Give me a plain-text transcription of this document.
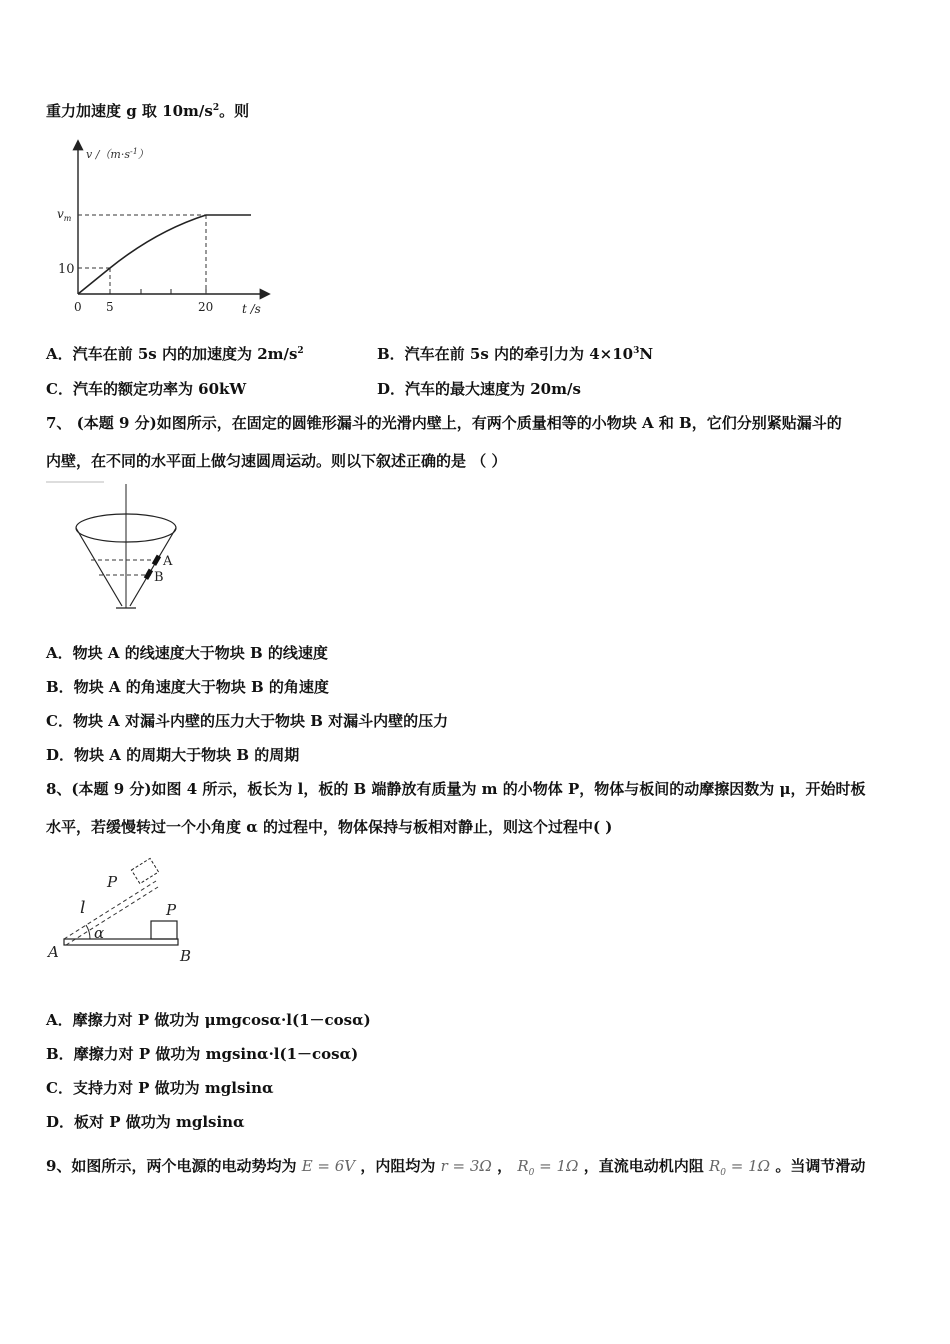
重力加速度 g 取 $10m/s^2$。则
v $/(m\cdot s^{-1})$
$v_m$
10
0 5	20 t /s
A．汽车在前 5s 内的加速度为 $2m/s^2$	B．汽车在前 5s 内的牵引力为 $4\times 10^3N$
C．汽车的额定功率为 60kW	D．汽车的最大速度为 20m/s
7、 (本题 9 分)如图所示，在固定的圆锥形漏斗的光滑内壁上，有两个质量相等的小物块 A 和 B，它们分别紧贴漏斗的
内壁，在不同的水平面上做匀速圆周运动。则以下叙述正确的是 （ ）
A
B
A．物块 A 的线速度大于物块 B 的线速度
B．物块 A 的角速度大于物块 B 的角速度
C．物块 A 对漏斗内壁的压力大于物块 B 对漏斗内壁的压力
D．物块 A 的周期大于物块 B 的周期
8、(本题 9 分)如图 4 所示，板长为 l，板的 B 端静放有质量为 m 的小物体 P，物体与板间的动摩擦因数为 μ，开始时板
水平，若缓慢转过一个小角度 α 的过程中，物体保持与板相对静止，则这个过程中( )
P
l	P
α
A	B
A．摩擦力对 P 做功为 μmgcosα·l(1－cosα)
B．摩擦力对 P 做功为 mgsinα·l(1－cosα)
C．支持力对 P 做功为 mglsinα
D．板对 P 做功为 mglsinα
9、如图所示，两个电源的电动势均为 E = 6V ，内阻均为 r = 3Ω ， $R_0 = 1\Omega$ ，直流电动机内阻 $R_0 = 1\Omega$ 。当调节滑动
